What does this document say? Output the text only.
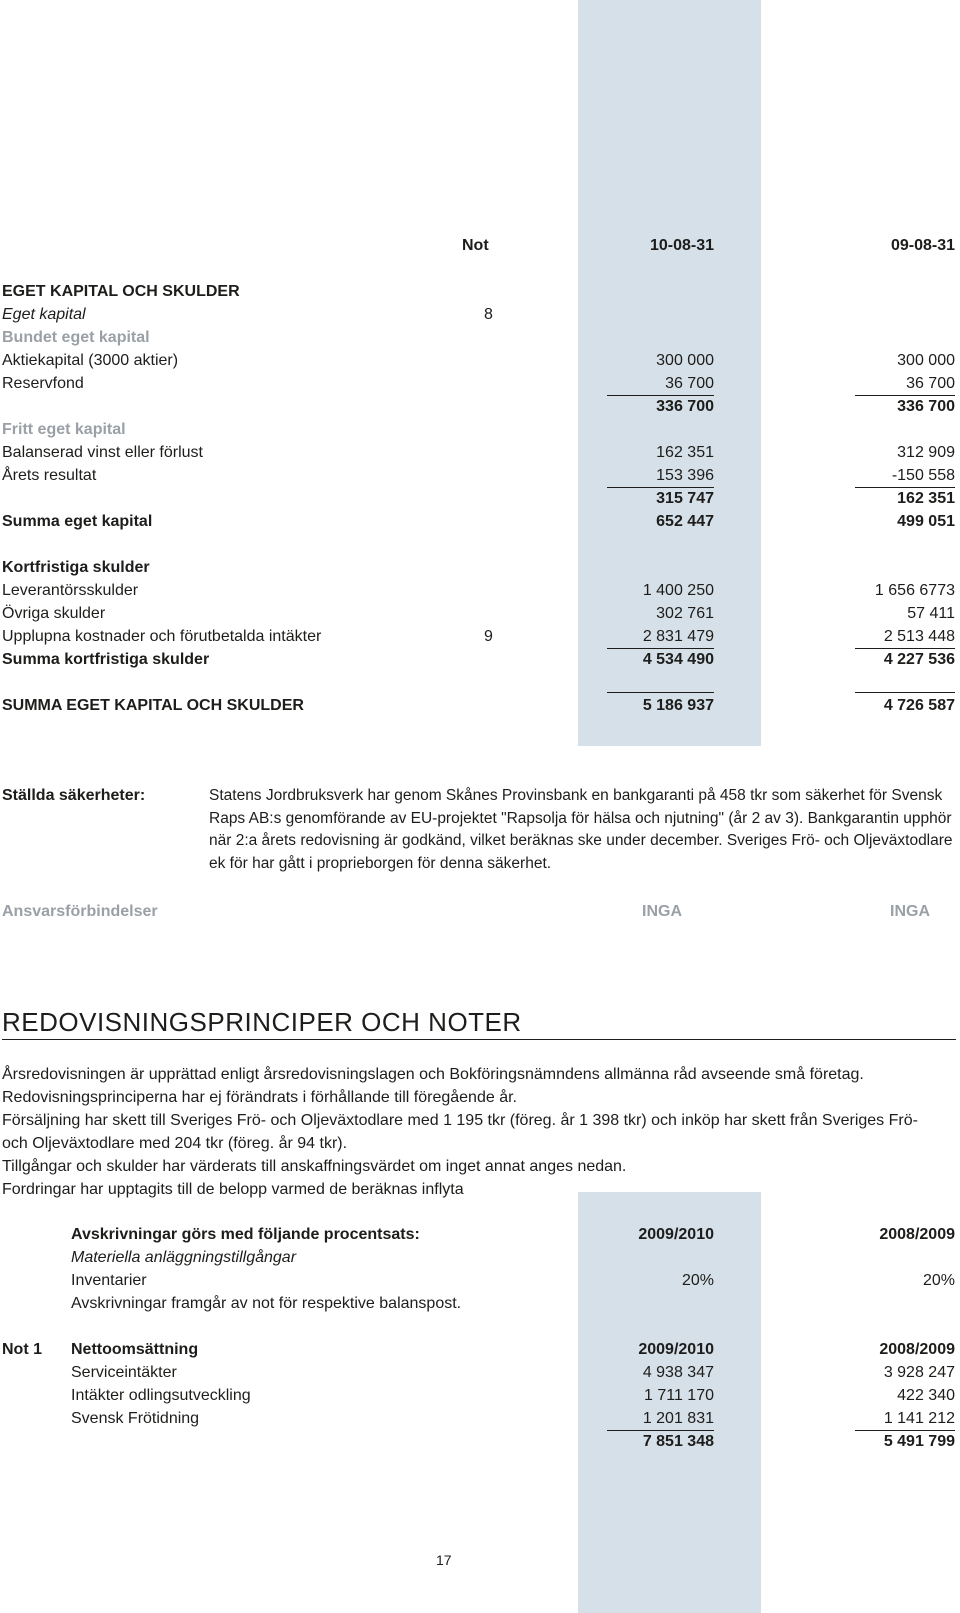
Not	10-08-31	09-08-31
EGET KAPITAL OCH SKULDER
Eget kapital	8
Bundet eget kapital
Aktiekapital (3000 aktier)	300 000	300 000
Reservfond	36 700	36 700
336 700	336 700
Fritt eget kapital
Balanserad vinst eller förlust	162 351	312 909
Årets resultat	153 396	-150 558
315 747	162 351
Summa eget kapital	652 447	499 051
Kortfristiga skulder
Leverantörsskulder	1 400 250	1 656 6773
Övriga skulder	302 761	57 411
Upplupna kostnader och förutbetalda intäkter	9	2 831 479	2 513 448
Summa kortfristiga skulder	4 534 490	4 227 536
SUMMA EGET KAPITAL OCH SKULDER	5 186 937	4 726 587
Ställda säkerheter:	Statens Jordbruksverk har genom Skånes Provinsbank en bankgaranti på 458 tkr som säkerhet för Svensk Raps AB:s genomförande av EU-projektet "Rapsolja för hälsa och njutning" (år 2 av 3). Bankgarantin upphör när 2:a årets redovisning är godkänd, vilket beräknas ske under december. Sveriges Frö- och Oljeväxtodlare ek för har gått i proprieborgen för denna säkerhet.
Ansvarsförbindelser	INGA	INGA
REDOVISNINGSPRINCIPER OCH NOTER
Årsredovisningen är upprättad enligt årsredovisningslagen och Bokföringsnämndens allmänna råd avseende små företag.
Redovisningsprinciperna har ej förändrats i förhållande till föregående år.
Försäljning har skett till Sveriges Frö- och Oljeväxtodlare med 1 195 tkr (föreg. år 1 398 tkr) och inköp har skett från Sveriges Frö- och Oljeväxtodlare med 204 tkr (föreg. år 94 tkr).
Tillgångar och skulder har värderats till anskaffningsvärdet om inget annat anges nedan.
Fordringar har upptagits till de belopp varmed de beräknas inflyta
Avskrivningar görs med följande procentsats:	2009/2010	2008/2009
Materiella anläggningstillgångar
Inventarier	20%	20%
Avskrivningar framgår av not för respektive balanspost.
Not 1 Nettoomsättning	2009/2010	2008/2009
Serviceintäkter	4 938 347	3 928 247
Intäkter odlingsutveckling	1 711 170	422 340
Svensk Frötidning	1 201 831	1 141 212
7 851 348	5 491 799
17
